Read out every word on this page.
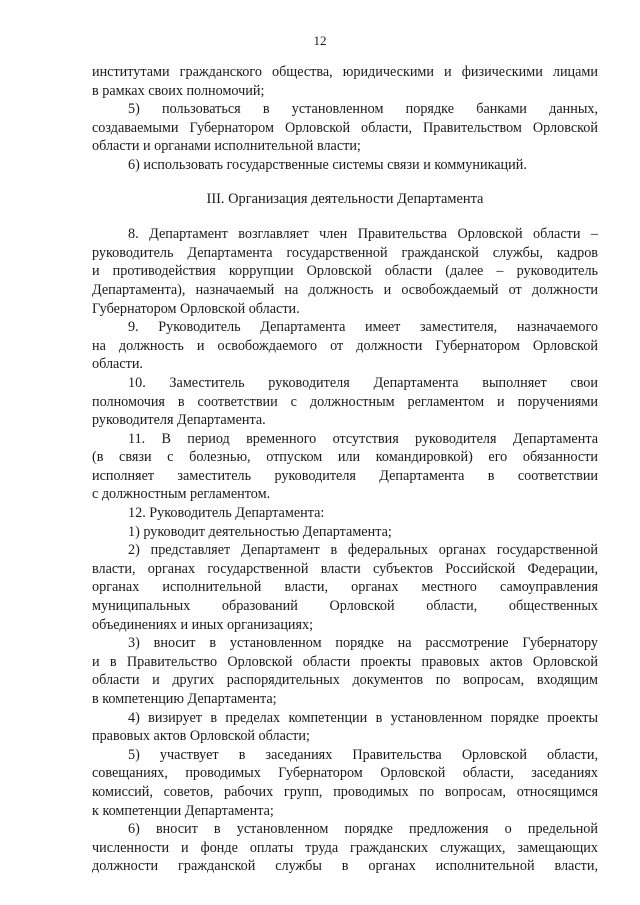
12
институтами гражданского общества, юридическими и физическими лицами
в рамках своих полномочий;
5) пользоваться в установленном порядке банками данных,
создаваемыми Губернатором Орловской области, Правительством Орловской
области и органами исполнительной власти;
6) использовать государственные системы связи и коммуникаций.
III. Организация деятельности Департамента
8. Департамент возглавляет член Правительства Орловской области –
руководитель Департамента государственной гражданской службы, кадров
и противодействия коррупции Орловской области (далее – руководитель
Департамента), назначаемый на должность и освобождаемый от должности
Губернатором Орловской области.
9. Руководитель Департамента имеет заместителя, назначаемого
на должность и освобождаемого от должности Губернатором Орловской
области.
10. Заместитель руководителя Департамента выполняет свои
полномочия в соответствии с должностным регламентом и поручениями
руководителя Департамента.
11. В период временного отсутствия руководителя Департамента
(в связи с болезнью, отпуском или командировкой) его обязанности
исполняет заместитель руководителя Департамента в соответствии
с должностным регламентом.
12. Руководитель Департамента:
1) руководит деятельностью Департамента;
2) представляет Департамент в федеральных органах государственной
власти, органах государственной власти субъектов Российской Федерации,
органах исполнительной власти, органах местного самоуправления
муниципальных образований Орловской области, общественных
объединениях и иных организациях;
3) вносит в установленном порядке на рассмотрение Губернатору
и в Правительство Орловской области проекты правовых актов Орловской
области и других распорядительных документов по вопросам, входящим
в компетенцию Департамента;
4) визирует в пределах компетенции в установленном порядке проекты
правовых актов Орловской области;
5) участвует в заседаниях Правительства Орловской области,
совещаниях, проводимых Губернатором Орловской области, заседаниях
комиссий, советов, рабочих групп, проводимых по вопросам, относящимся
к компетенции Департамента;
6) вносит в установленном порядке предложения о предельной
численности и фонде оплаты труда гражданских служащих, замещающих
должности гражданской службы в органах исполнительной власти,
